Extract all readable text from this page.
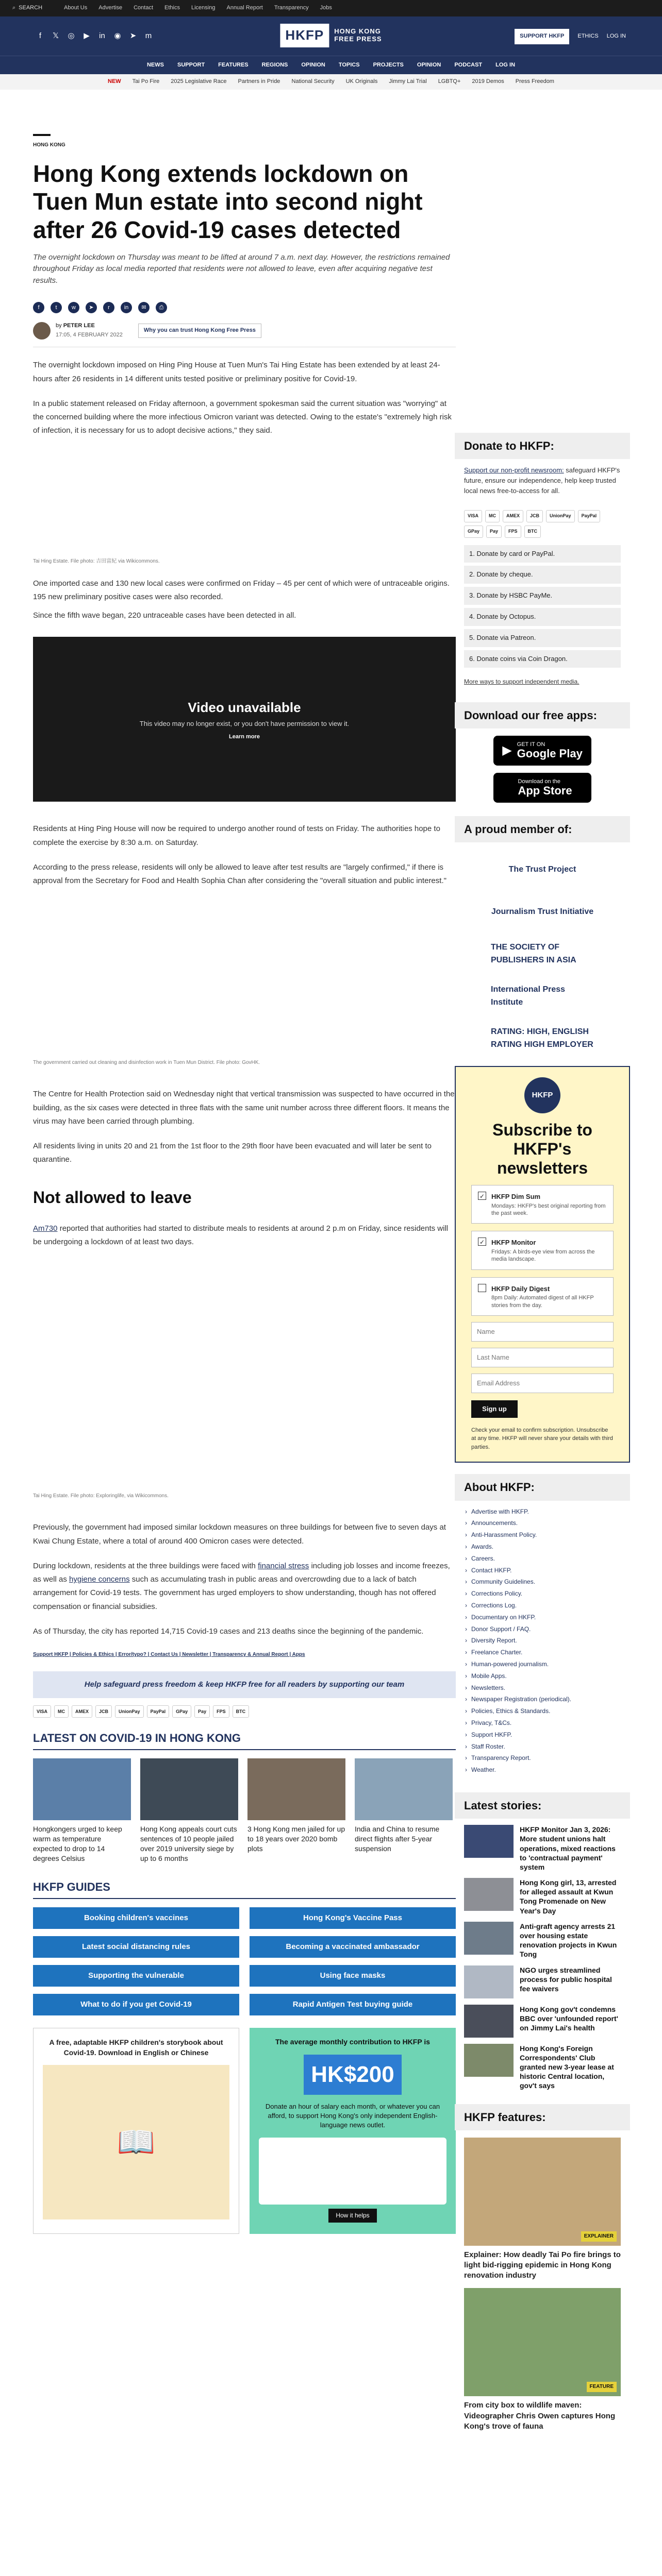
⌕ SEARCH	About Us Advertise Contact Ethics Licensing Annual Report Transparency Jobs
f	𝕏 ◎ ▶ in ◉ ➤ m	HKFP	HONG KONG
FREE PRESS	SUPPORT HKFP	ETHICS LOG IN
NEWS SUPPORT FEATURES REGIONS OPINION TOPICS PROJECTS OPINION PODCAST LOG IN
NEW Tai Po Fire 2025 Legislative Race Partners in Pride National Security UK Originals Jimmy Lai Trial LGBTQ+ 2019 Demos Press Freedom
HONG KONG
Hong Kong extends lockdown on Tuen Mun estate into second night after 26 Covid-19 cases detected

The overnight lockdown on Thursday was meant to be lifted at around 7 a.m. next day. However, the restrictions remained throughout Friday as local media reported that residents were not allowed to leave, even after acquiring negative test results.

f	t	w	➤	r	in	✉	⎙
by PETER LEE
17:05, 4 FEBRUARY 2022
Why you can trust Hong Kong Free Press

The overnight lockdown imposed on Hing Ping House at Tuen Mun's Tai Hing Estate has been extended by at least 24-hours after 26 residents in 14 different units tested positive or preliminary positive for Covid-19.

In a public statement released on Friday afternoon, a government spokesman said the current situation was "worrying" at the concerned building where the more infectious Omicron variant was detected. Owing to the estate's "extremely high risk of infection, it is necessary for us to adopt decisive actions," they said.

Tai Hing Estate. File photo: 吉田富紀 via Wikicommons.

One imported case and 130 new local cases were confirmed on Friday – 45 per cent of which were of untraceable origins. 195 new preliminary positive cases were also recorded.

Since the fifth wave began, 220 untraceable cases have been detected in all.

Video unavailable
This video may no longer exist, or you don't have permission to view it.
Learn more

Residents at Hing Ping House will now be required to undergo another round of tests on Friday. The authorities hope to complete the exercise by 8:30 a.m. on Saturday.

According to the press release, residents will only be allowed to leave after test results are "largely confirmed," if there is approval from the Secretary for Food and Health Sophia Chan after considering the "overall situation and public interest."

The government carried out cleaning and disinfection work in Tuen Mun District. File photo: GovHK.

The Centre for Health Protection said on Wednesday night that vertical transmission was suspected to have occurred in the building, as the six cases were detected in three flats with the same unit number across three different floors. It means the virus may have been carried through plumbing.

All residents living in units 20 and 21 from the 1st floor to the 29th floor have been evacuated and will later be sent to quarantine.

Not allowed to leave

Am730 reported that authorities had started to distribute meals to residents at around 2 p.m on Friday, since residents will be undergoing a lockdown of at least two days.

Tai Hing Estate. File photo: Exploringlife, via Wikicommons.

Previously, the government had imposed similar lockdown measures on three buildings for between five to seven days at Kwai Chung Estate, where a total of around 400 Omicron cases were detected.

During lockdown, residents at the three buildings were faced with financial stress including job losses and income freezes, as well as hygiene concerns such as accumulating trash in public areas and overcrowding due to a lack of batch arrangement for Covid-19 tests. The government has urged employers to show understanding, though has not offered compensation or financial subsidies.

As of Thursday, the city has reported 14,715 Covid-19 cases and 213 deaths since the beginning of the pandemic.

Support HKFP | Policies & Ethics | Error/typo? | Contact Us | Newsletter | Transparency & Annual Report | Apps
Help safeguard press freedom & keep HKFP free for all readers by supporting our team
VISA	MC	AMEX	JCB	UnionPay	PayPal	GPay	Pay	FPS	BTC
LATEST ON COVID-19 IN HONG KONG
Hongkongers urged to keep warm as temperature expected to drop to 14 degrees Celsius
Hong Kong appeals court cuts sentences of 10 people jailed over 2019 university siege by up to 6 months
3 Hong Kong men jailed for up to 18 years over 2020 bomb plots
India and China to resume direct flights after 5-year suspension
HKFP GUIDES
Booking children's vaccines	Hong Kong's Vaccine Pass
Latest social distancing rules	Becoming a vaccinated ambassador
Supporting the vulnerable	Using face masks
What to do if you get Covid-19	Rapid Antigen Test buying guide
A free, adaptable HKFP children's storybook about Covid-19. Download in English or Chinese
📖
The average monthly contribution to HKFP is
HK$200
Donate an hour of salary each month, or whatever you can afford, to support Hong Kong's only independent English-language news outlet.
How it helps
Donate to HKFP:

Support our non-profit newsroom: safeguard HKFP's future, ensure our independence, help keep trusted local news free-to-access for all.

VISA	MC	AMEX	JCB	UnionPay	PayPal
GPay	Pay	FPS	BTC
1. Donate by card or PayPal.
2. Donate by cheque.
3. Donate by HSBC PayMe.
4. Donate by Octopus.
5. Donate via Patreon.
6. Donate coins via Coin Dragon.

More ways to support independent media.

Download our free apps:
▶ GET IT ON
Google Play
Download on the
App Store
A proud member of:
The Trust Project
Journalism Trust Initiative
THE SOCIETY OF PUBLISHERS IN ASIA
International Press Institute
RATING: HIGH, ENGLISH RATING HIGH EMPLOYER
HKFP
Subscribe to HKFP's newsletters
✓ HKFP Dim Sum
Mondays: HKFP's best original reporting from the past week.
✓ HKFP Monitor
Fridays: A birds-eye view from across the media landscape.
HKFP Daily Digest
8pm Daily: Automated digest of all HKFP stories from the day.
Name
Last Name
Email Address
Sign up

Check your email to confirm subscription. Unsubscribe at any time. HKFP will never share your details with third parties.

About HKFP:
› Advertise with HKFP.
› Announcements.
› Anti-Harassment Policy.
› Awards.
› Careers.
› Contact HKFP.
› Community Guidelines.
› Corrections Policy.
› Corrections Log.
› Documentary on HKFP.
› Donor Support / FAQ.
› Diversity Report.
› Freelance Charter.
› Human-powered journalism.
› Mobile Apps.
› Newsletters.
› Newspaper Registration (periodical).
› Policies, Ethics & Standards.
› Privacy, T&Cs.
› Support HKFP.
› Staff Roster.
› Transparency Report.
› Weather.
Latest stories:
HKFP Monitor Jan 3, 2026: More student unions halt operations, mixed reactions to 'contractual payment' system
Hong Kong girl, 13, arrested for alleged assault at Kwun Tong Promenade on New Year's Day
Anti-graft agency arrests 21 over housing estate renovation projects in Kwun Tong
NGO urges streamlined process for public hospital fee waivers
Hong Kong gov't condemns BBC over 'unfounded report' on Jimmy Lai's health
Hong Kong's Foreign Correspondents' Club granted new 3-year lease at historic Central location, gov't says
HKFP features:
EXPLAINER
Explainer: How deadly Tai Po fire brings to light bid-rigging epidemic in Hong Kong renovation industry
FEATURE
From city box to wildlife maven: Videographer Chris Owen captures Hong Kong's trove of fauna
